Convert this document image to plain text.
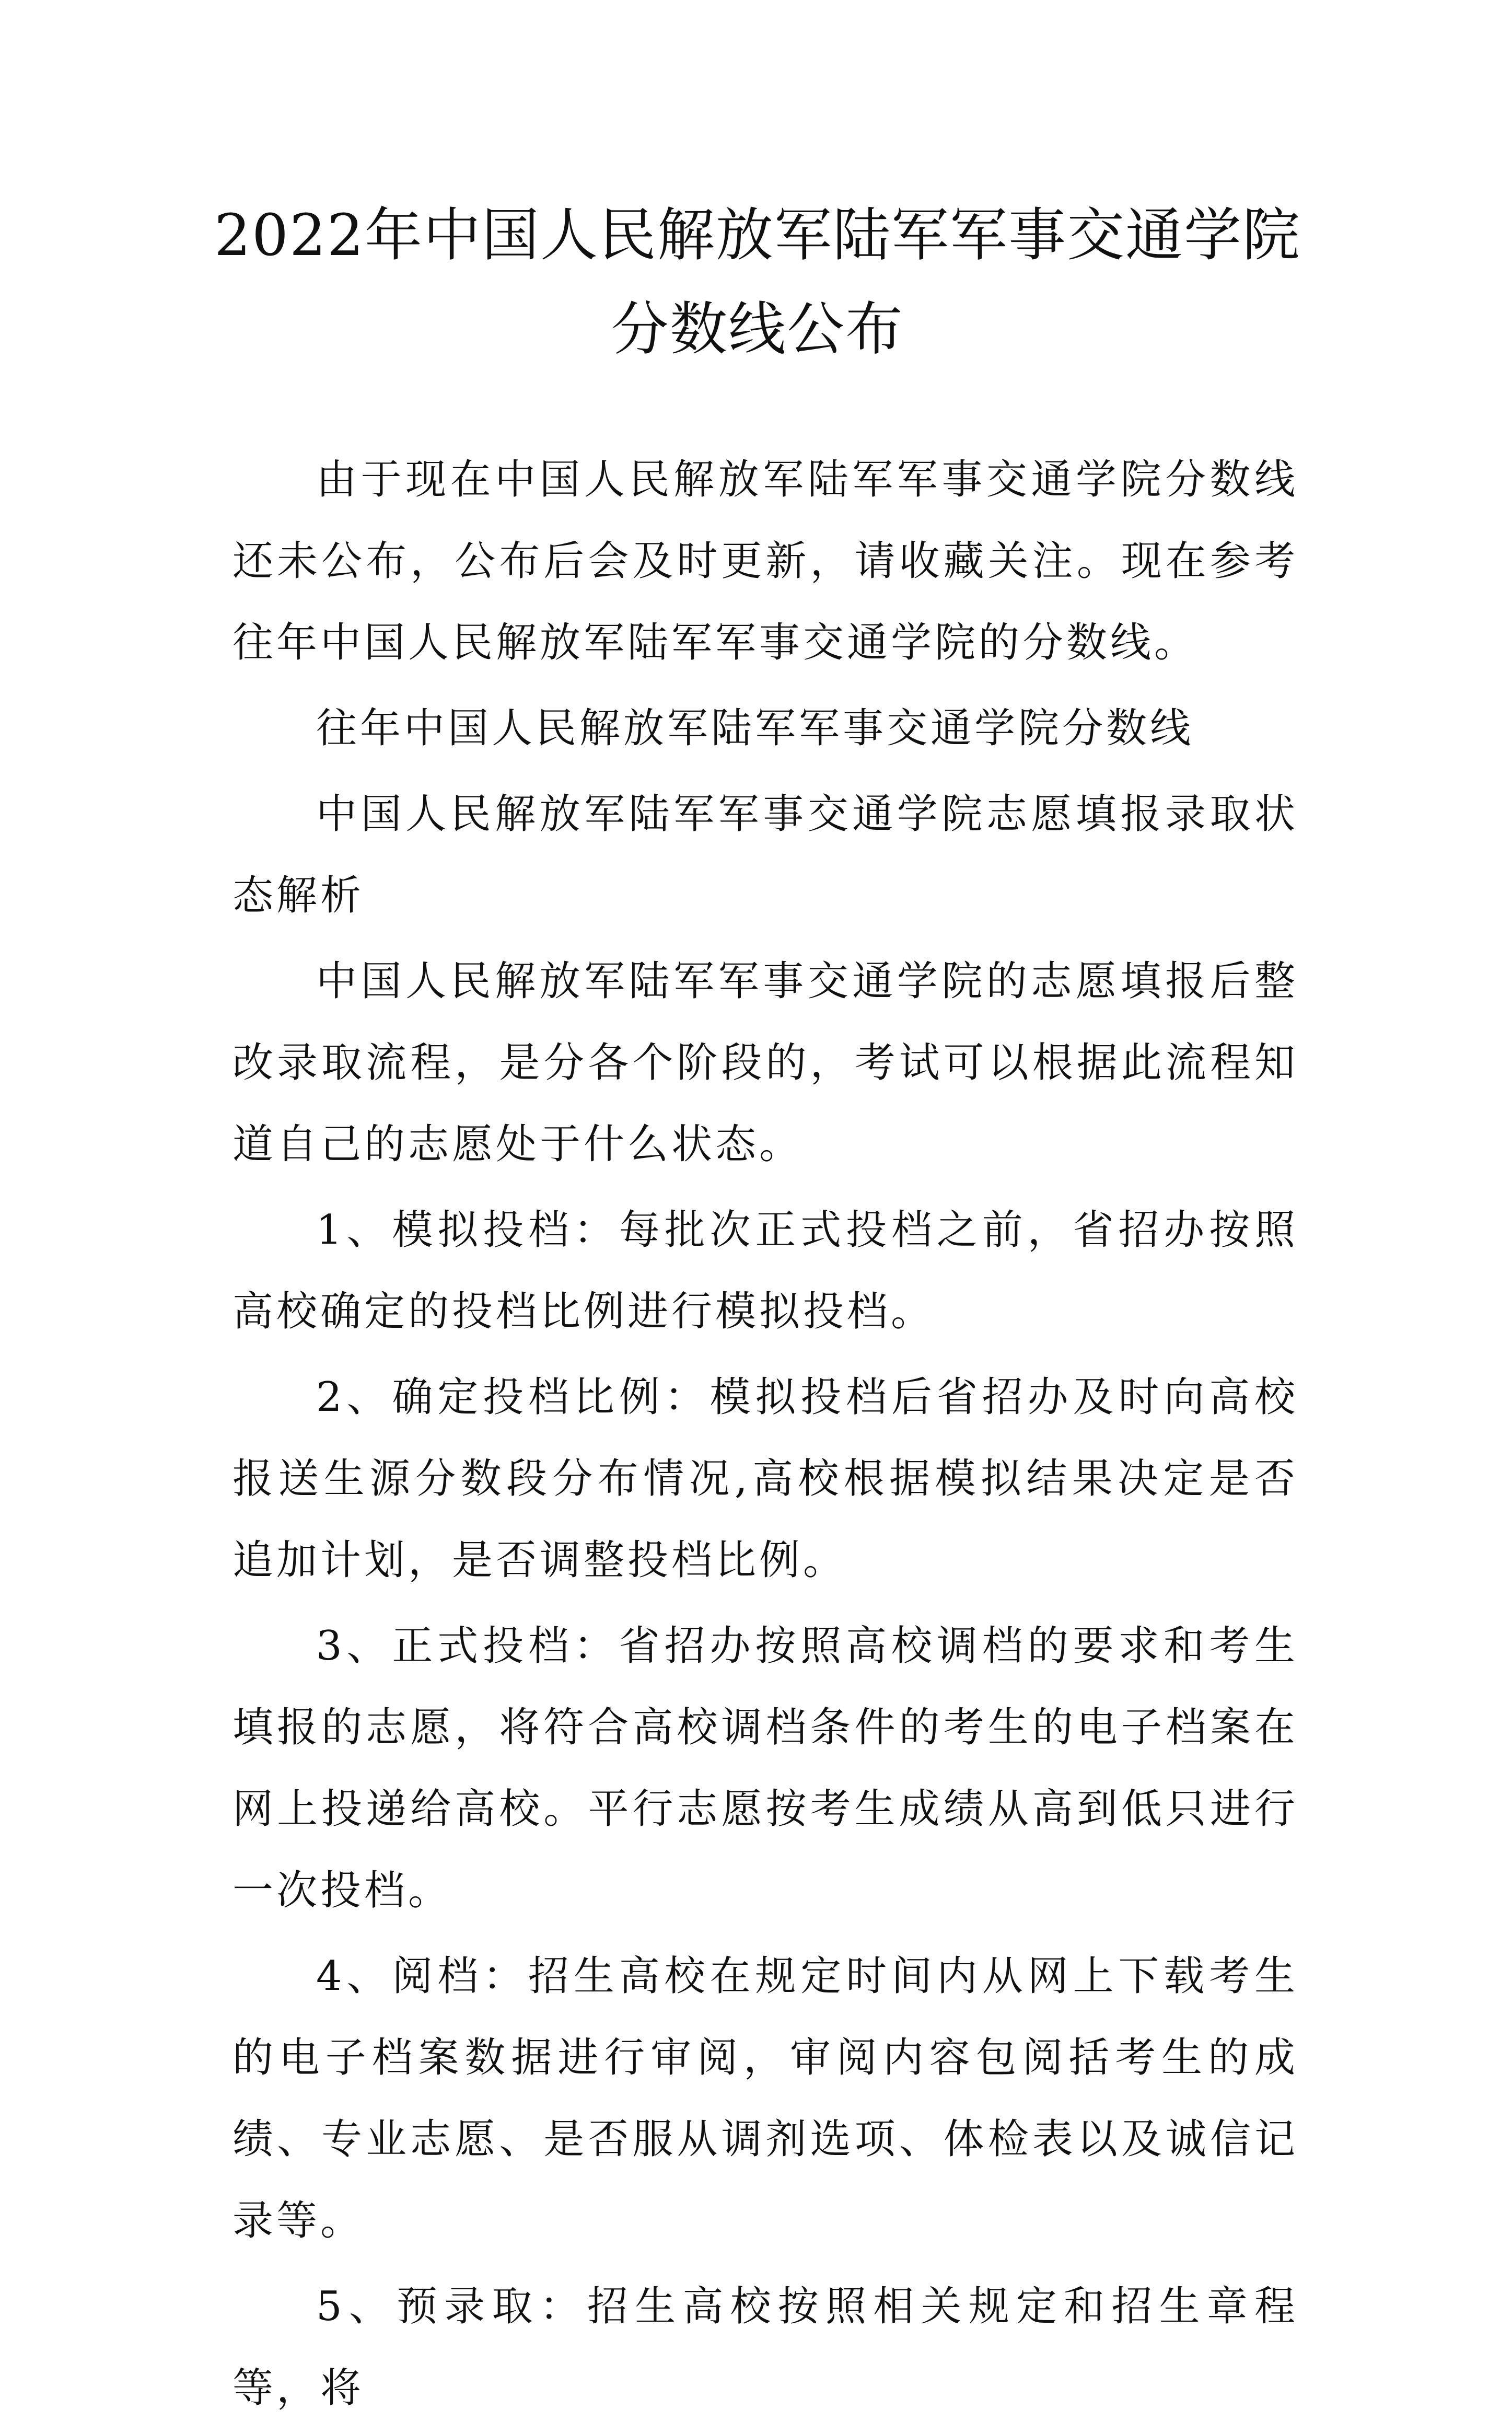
2022年中国人民解放军陆军军事交通学院
分数线公布

由于现在中国人民解放军陆军军事交通学院分数线还未公布，公布后会及时更新，请收藏关注。现在参考往年中国人民解放军陆军军事交通学院的分数线。

往年中国人民解放军陆军军事交通学院分数线

中国人民解放军陆军军事交通学院志愿填报录取状态解析

中国人民解放军陆军军事交通学院的志愿填报后整改录取流程，是分各个阶段的，考试可以根据此流程知道自己的志愿处于什么状态。

1、模拟投档：每批次正式投档之前，省招办按照高校确定的投档比例进行模拟投档。

2、确定投档比例：模拟投档后省招办及时向高校报送生源分数段分布情况,高校根据模拟结果决定是否追加计划，是否调整投档比例。

3、正式投档：省招办按照高校调档的要求和考生填报的志愿，将符合高校调档条件的考生的电子档案在网上投递给高校。平行志愿按考生成绩从高到低只进行一次投档。

4、阅档：招生高校在规定时间内从网上下载考生的电子档案数据进行审阅，审阅内容包阅括考生的成绩、专业志愿、是否服从调剂选项、体检表以及诚信记录等。

5、预录取：招生高校按照相关规定和招生章程等，将
